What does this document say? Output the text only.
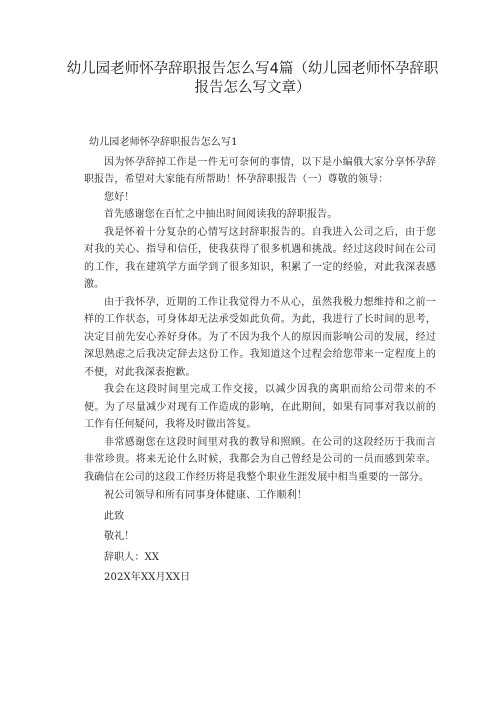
幼儿园老师怀孕辞职报告怎么写4篇（幼儿园老师怀孕辞职报告怎么写文章）

幼儿园老师怀孕辞职报告怎么写1

因为怀孕辞掉工作是一件无可奈何的事情，以下是小编俄大家分享怀孕辞职报告，希望对大家能有所帮助！怀孕辞职报告（一）尊敬的领导：

您好！

首先感谢您在百忙之中抽出时间阅读我的辞职报告。

我是怀着十分复杂的心情写这封辞职报告的。自我进入公司之后，由于您对我的关心、指导和信任，使我获得了很多机遇和挑战。经过这段时间在公司的工作，我在建筑学方面学到了很多知识，积累了一定的经验，对此我深表感激。

由于我怀孕，近期的工作让我觉得力不从心，虽然我极力想维持和之前一样的工作状态，可身体却无法承受如此负荷。为此，我进行了长时间的思考，决定目前先安心养好身体。为了不因为我个人的原因而影响公司的发展，经过深思熟虑之后我决定辞去这份工作。我知道这个过程会给您带来一定程度上的不便，对此我深表抱歉。

我会在这段时间里完成工作交接，以减少因我的离职而给公司带来的不便。为了尽量减少对现有工作造成的影响，在此期间，如果有同事对我以前的工作有任何疑问，我将及时做出答复。

非常感谢您在这段时间里对我的教导和照顾。在公司的这段经历于我而言非常珍贵。将来无论什么时候，我都会为自己曾经是公司的一员而感到荣幸。我确信在公司的这段工作经历将是我整个职业生涯发展中相当重要的一部分。

祝公司领导和所有同事身体健康、工作顺利！

此致

敬礼！

辞职人：XX

202X年XX月XX日
